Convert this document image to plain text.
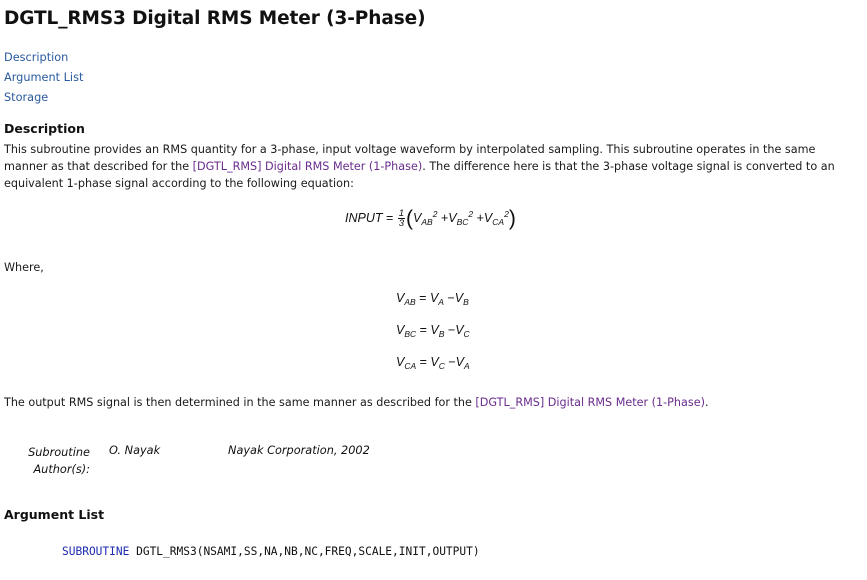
DGTL_RMS3 Digital RMS Meter (3-Phase)
Description
Argument List
Storage
Description

This subroutine provides an RMS quantity for a 3-phase, input voltage waveform by interpolated sampling. This subroutine operates in the same manner as that described for the [DGTL_RMS] Digital RMS Meter (1-Phase). The difference here is that the 3-phase voltage signal is converted to an equivalent 1-phase signal according to the following equation:

INPUT = $\frac{1}{3} (V_{AB}^2 +V_{BC}^2 +V_{CA}^2)$
Where,
$V_{AB} = V_A -V_B$
$V_{BC} = V_B -V_C$
$V_{CA} = V_C -V_A$

The output RMS signal is then determined in the same manner as described for the [DGTL_RMS] Digital RMS Meter (1-Phase).

Subroutine
Author(s):
O. Nayak	Nayak Corporation, 2002
Argument List
SUBROUTINE DGTL_RMS3(NSAMI,SS,NA,NB,NC,FREQ,SCALE,INIT,OUTPUT)
